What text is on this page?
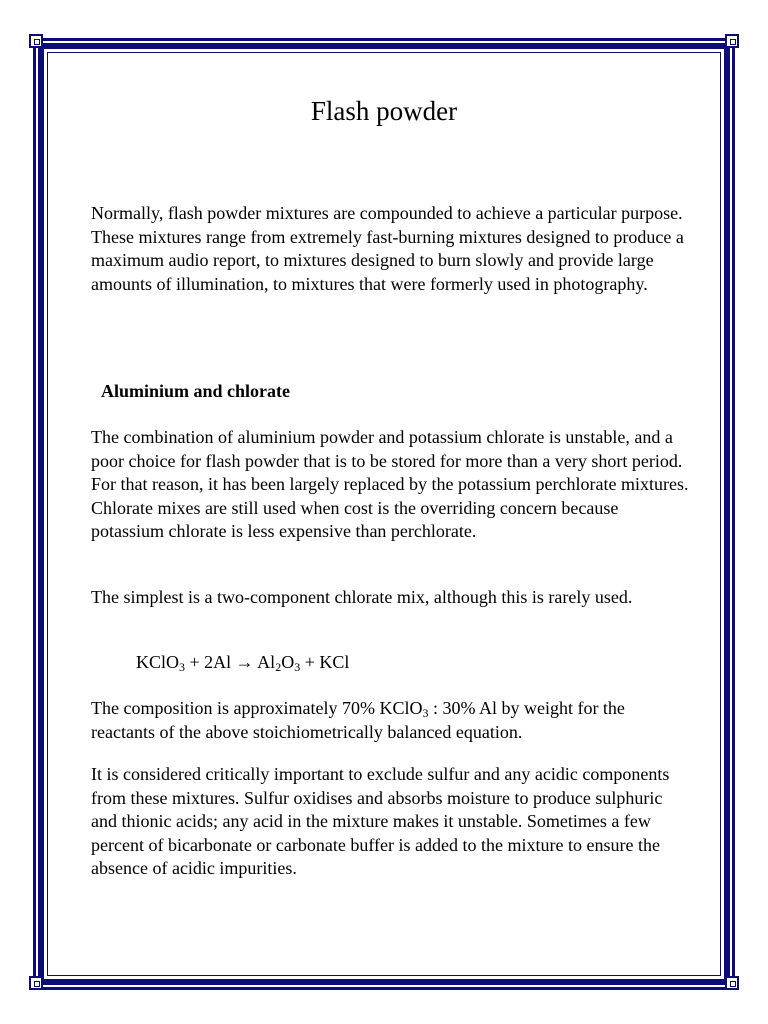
Flash powder

Normally, flash powder mixtures are compounded to achieve a particular purpose. These mixtures range from extremely fast-burning mixtures designed to produce a maximum audio report, to mixtures designed to burn slowly and provide large amounts of illumination, to mixtures that were formerly used in photography.

Aluminium and chlorate

The combination of aluminium powder and potassium chlorate is unstable, and a poor choice for flash powder that is to be stored for more than a very short period. For that reason, it has been largely replaced by the potassium perchlorate mixtures. Chlorate mixes are still used when cost is the overriding concern because potassium chlorate is less expensive than perchlorate.

The simplest is a two-component chlorate mix, although this is rarely used.

KClO$_3$ + $2Al \to Al_2O_3$ + KCl

The composition is approximately 70% KClO$_3$ : 30% Al by weight for the reactants of the above stoichiometrically balanced equation.

It is considered critically important to exclude sulfur and any acidic components from these mixtures. Sulfur oxidises and absorbs moisture to produce sulphuric and thionic acids; any acid in the mixture makes it unstable. Sometimes a few percent of bicarbonate or carbonate buffer is added to the mixture to ensure the absence of acidic impurities.
